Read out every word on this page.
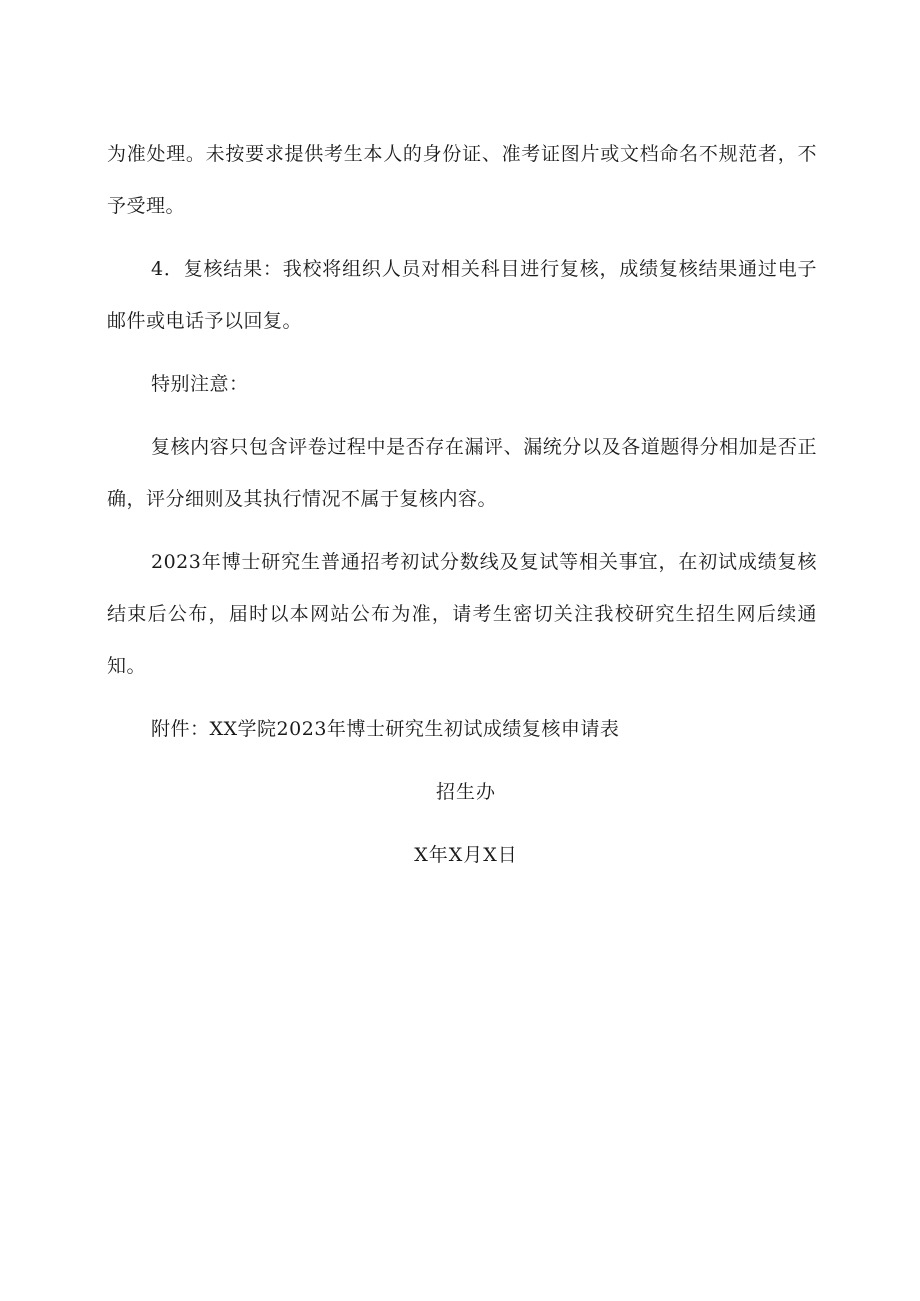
为准处理。未按要求提供考生本人的身份证、准考证图片或文档命名不规范者，不予受理。

4．复核结果：我校将组织人员对相关科目进行复核，成绩复核结果通过电子邮件或电话予以回复。

特别注意：

复核内容只包含评卷过程中是否存在漏评、漏统分以及各道题得分相加是否正确，评分细则及其执行情况不属于复核内容。

2023年博士研究生普通招考初试分数线及复试等相关事宜，在初试成绩复核结束后公布，届时以本网站公布为准，请考生密切关注我校研究生招生网后续通知。

附件：XX学院2023年博士研究生初试成绩复核申请表

招生办
X年X月X日
